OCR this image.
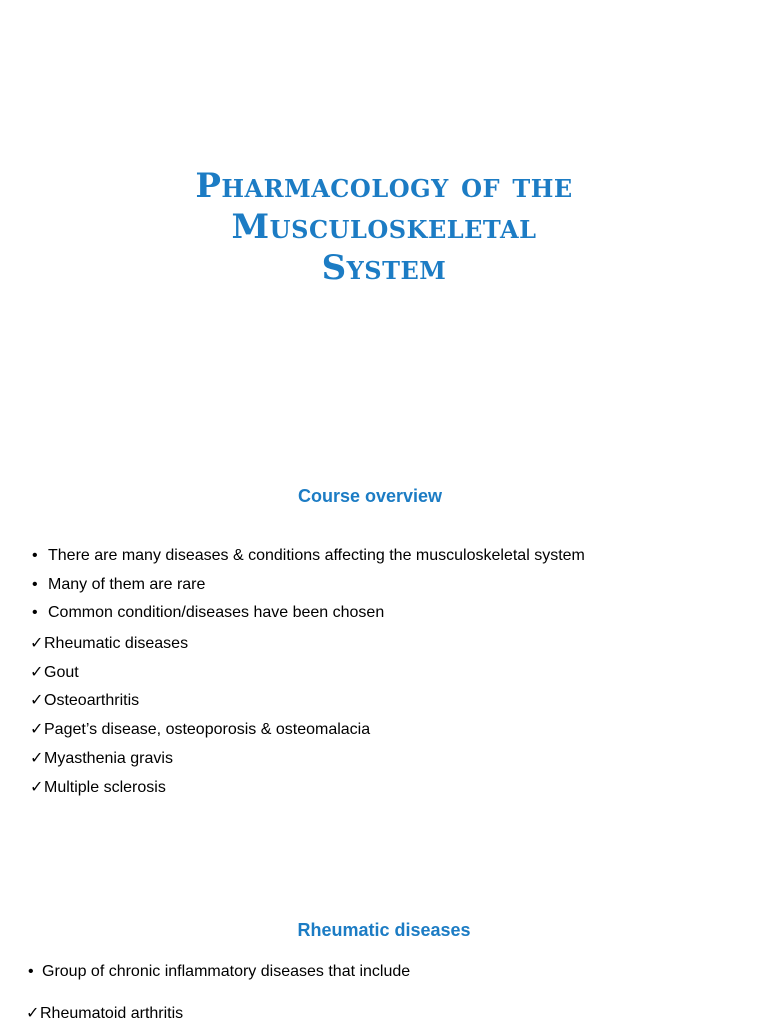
Pharmacology of the
Musculoskeletal
System
Course overview
• There are many diseases & conditions affecting the musculoskeletal system
• Many of them are rare
• Common condition/diseases have been chosen
✓ Rheumatic diseases
✓ Gout
✓ Osteoarthritis
✓ Paget’s disease, osteoporosis & osteomalacia
✓ Myasthenia gravis
✓ Multiple sclerosis
Rheumatic diseases
• Group of chronic inflammatory diseases that include
✓ Rheumatoid arthritis
